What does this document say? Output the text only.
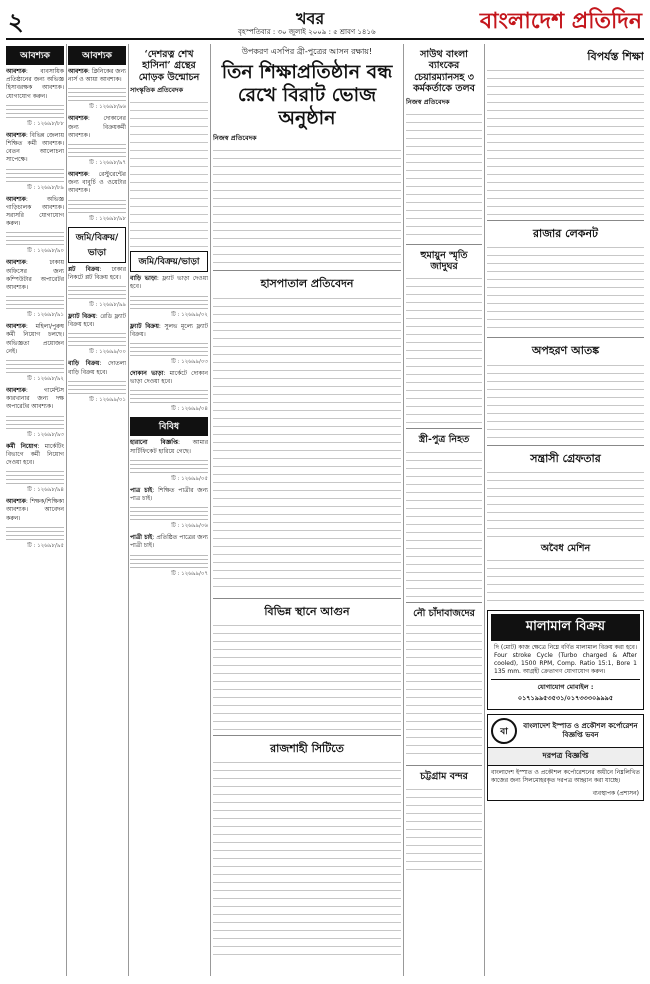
২	খবর
বৃহস্পতিবার : ৩০ জুলাই ২০০৯ : ৫ শ্রাবণ ১৪১৬	বাংলাদেশ প্রতিদিন
আবশ্যক
আবশ্যক: ব্যবসায়িক প্রতিষ্ঠানের জন্য অভিজ্ঞ হিসাবরক্ষক আবশ্যক। যোগাযোগ করুন।
টি : ১২৬৯৮/৮৮
আবশ্যক: বিভিন্ন জেলায় শিক্ষিত কর্মী আবশ্যক। বেতন আলোচনা সাপেক্ষে।
টি : ১২৬৯৮/৮৯
আবশ্যক: অভিজ্ঞ গাড়িচালক আবশ্যক। সরাসরি যোগাযোগ করুন।
টি : ১২৬৯৮/৯০
আবশ্যক: ঢাকায় অফিসের জন্য কম্পিউটার অপারেটর আবশ্যক।
টি : ১২৬৯৮/৯১
আবশ্যক: মহিলা/পুরুষ কর্মী নিয়োগ চলছে। অভিজ্ঞতা প্রয়োজন নেই।
টি : ১২৬৯৮/৯২
আবশ্যক: গার্মেন্টস কারখানার জন্য দক্ষ অপারেটর আবশ্যক।
টি : ১২৬৯৮/৯৩
কর্মী নিয়োগ: মার্কেটিং বিভাগে কর্মী নিয়োগ দেওয়া হবে।
টি : ১২৬৯৮/৯৪
আবশ্যক: শিক্ষক/শিক্ষিকা আবশ্যক। আবেদন করুন।
টি : ১২৬৯৮/৯৫
আবশ্যক
আবশ্যক: ক্লিনিকের জন্য নার্স ও আয়া আবশ্যক।
টি : ১২৬৯৮/৯৬
আবশ্যক: দোকানের জন্য বিক্রয়কর্মী আবশ্যক।
টি : ১২৬৯৮/৯৭
আবশ্যক: রেস্টুরেন্টের জন্য বাবুর্চি ও ওয়েটার আবশ্যক।
টি : ১২৬৯৮/৯৮
জমি/বিক্রয়/ভাড়া
প্লট বিক্রয়: ঢাকার নিকটে প্লট বিক্রয় হবে।
টি : ১২৬৯৮/৯৯
ফ্ল্যাট বিক্রয়: রেডি ফ্ল্যাট বিক্রয় হবে।
টি : ১২৬৯৯/০০
বাড়ি বিক্রয়: দোতলা বাড়ি বিক্রয় হবে।
টি : ১২৬৯৯/০১
‘দেশরত্ন শেখ হাসিনা’ গ্রন্থের মোড়ক উন্মোচন
সাংস্কৃতিক প্রতিবেদক
জমি/বিক্রয়/ভাড়া
বাড়ি ভাড়া: ফ্ল্যাট ভাড়া দেওয়া হবে।
টি : ১২৬৯৯/০২
ফ্ল্যাট বিক্রয়: সুলভ মূল্যে ফ্ল্যাট বিক্রয়।
টি : ১২৬৯৯/০৩
দোকান ভাড়া: মার্কেটে দোকান ভাড়া দেওয়া হবে।
টি : ১২৬৯৯/০৪
বিবিধ
হারানো বিজ্ঞপ্তি: আমার সার্টিফিকেট হারিয়ে গেছে।
টি : ১২৬৯৯/০৫
পাত্র চাই: শিক্ষিত পাত্রীর জন্য পাত্র চাই।
টি : ১২৬৯৯/০৬
পাত্রী চাই: প্রতিষ্ঠিত পাত্রের জন্য পাত্রী চাই।
টি : ১২৬৯৯/০৭
উপকরণ এসপির ব্রী-পুত্রের আসন রক্ষায়!
তিন শিক্ষাপ্রতিষ্ঠান বন্ধ রেখে বিরাট ভোজ অনুষ্ঠান
নিজস্ব প্রতিবেদক
হাসপাতাল প্রতিবেদন
বিভিন্ন স্থানে আগুন
রাজশাহী সিটিতে
সাউথ বাংলা ব্যাংকের চেয়ারম্যানসহ ৩ কর্মকর্তাকে তলব
নিজস্ব প্রতিবেদক
হুমায়ুন স্মৃতি জাদুঘর
স্ত্রী-পুত্র নিহত
নৌ চাঁদাবাজদের
চট্টগ্রাম বন্দর
বিপর্যস্ত শিক্ষা
রাজার লেকনট
অপহরণ আতঙ্ক
সন্ত্রাসী গ্রেফতার
অবৈধ মেশিন
মালামাল বিক্রয়
দি (মোট) কাজ ক্ষেত্রে নিম্নে বর্ণিত মালামাল বিক্রয় করা হবে। Four stroke Cycle (Turbo charged & After cooled), 1500 RPM, Comp. Ratio 15:1, Bore 1 135 mm. আগ্রহী ক্রেতাগণ যোগাযোগ করুন।
যোগাযোগ মোবাইল : ০১৭১৯৯৫৩৫৩১/০১৭৩৩৩০৯৯৯৫
বা
বাংলাদেশ ইস্পাত ও প্রকৌশল কর্পোরেশন বিজ্ঞপ্তি ভবন
দরপত্র বিজ্ঞপ্তি
বাংলাদেশ ইস্পাত ও প্রকৌশল কর্পোরেশনের অধীনে নিম্নলিখিত কাজের জন্য সিলমোহরকৃত দরপত্র আহ্বান করা যাচ্ছে।
ব্যবস্থাপক (প্রশাসন)
